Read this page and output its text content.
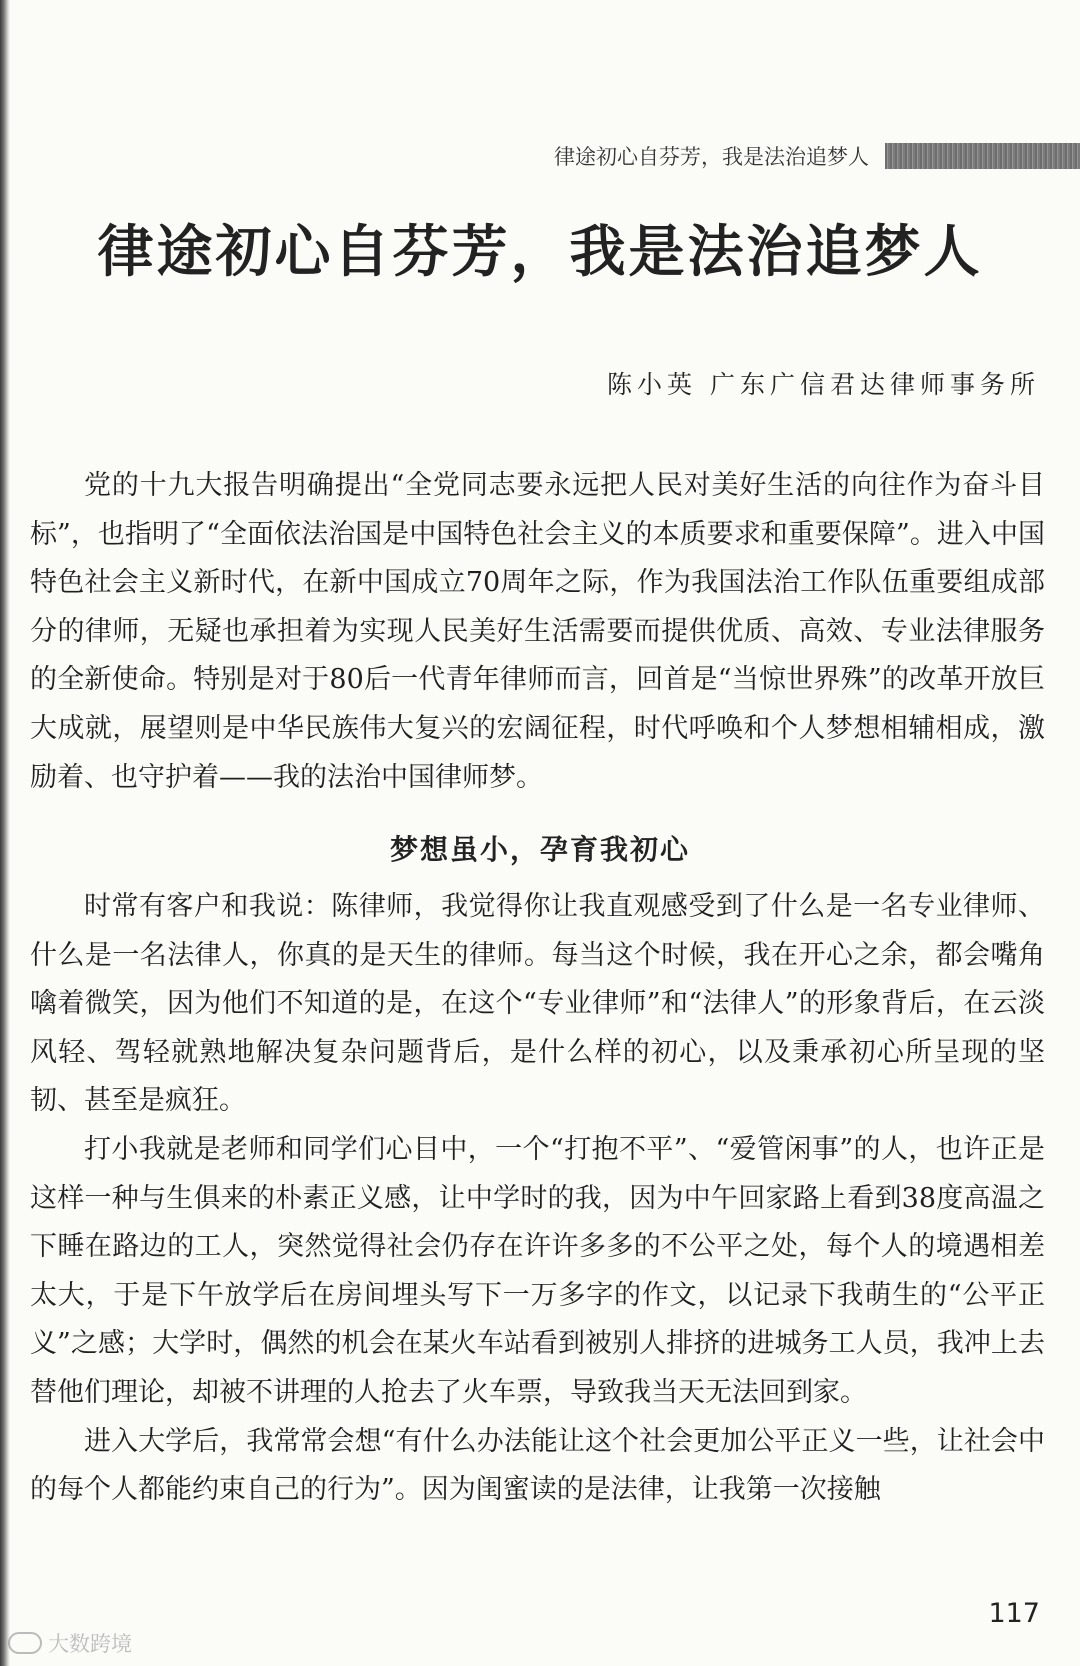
律途初心自芬芳，我是法治追梦人
律途初心自芬芳，我是法治追梦人
陈小英 广东广信君达律师事务所

党的十九大报告明确提出“全党同志要永远把人民对美好生活的向往作为奋斗目标”，也指明了“全面依法治国是中国特色社会主义的本质要求和重要保障”。进入中国特色社会主义新时代，在新中国成立70周年之际，作为我国法治工作队伍重要组成部分的律师，无疑也承担着为实现人民美好生活需要而提供优质、高效、专业法律服务的全新使命。特别是对于80后一代青年律师而言，回首是“当惊世界殊”的改革开放巨大成就，展望则是中华民族伟大复兴的宏阔征程，时代呼唤和个人梦想相辅相成，激励着、也守护着——我的法治中国律师梦。

梦想虽小，孕育我初心

时常有客户和我说：陈律师，我觉得你让我直观感受到了什么是一名专业律师、什么是一名法律人，你真的是天生的律师。每当这个时候，我在开心之余，都会嘴角噙着微笑，因为他们不知道的是，在这个“专业律师”和“法律人”的形象背后，在云淡风轻、驾轻就熟地解决复杂问题背后，是什么样的初心，以及秉承初心所呈现的坚韧、甚至是疯狂。

打小我就是老师和同学们心目中，一个“打抱不平”、“爱管闲事”的人，也许正是这样一种与生俱来的朴素正义感，让中学时的我，因为中午回家路上看到38度高温之下睡在路边的工人，突然觉得社会仍存在许许多多的不公平之处，每个人的境遇相差太大，于是下午放学后在房间埋头写下一万多字的作文，以记录下我萌生的“公平正义”之感；大学时，偶然的机会在某火车站看到被别人排挤的进城务工人员，我冲上去替他们理论，却被不讲理的人抢去了火车票，导致我当天无法回到家。

进入大学后，我常常会想“有什么办法能让这个社会更加公平正义一些，让社会中的每个人都能约束自己的行为”。因为闺蜜读的是法律，让我第一次接触

117
大数跨境
